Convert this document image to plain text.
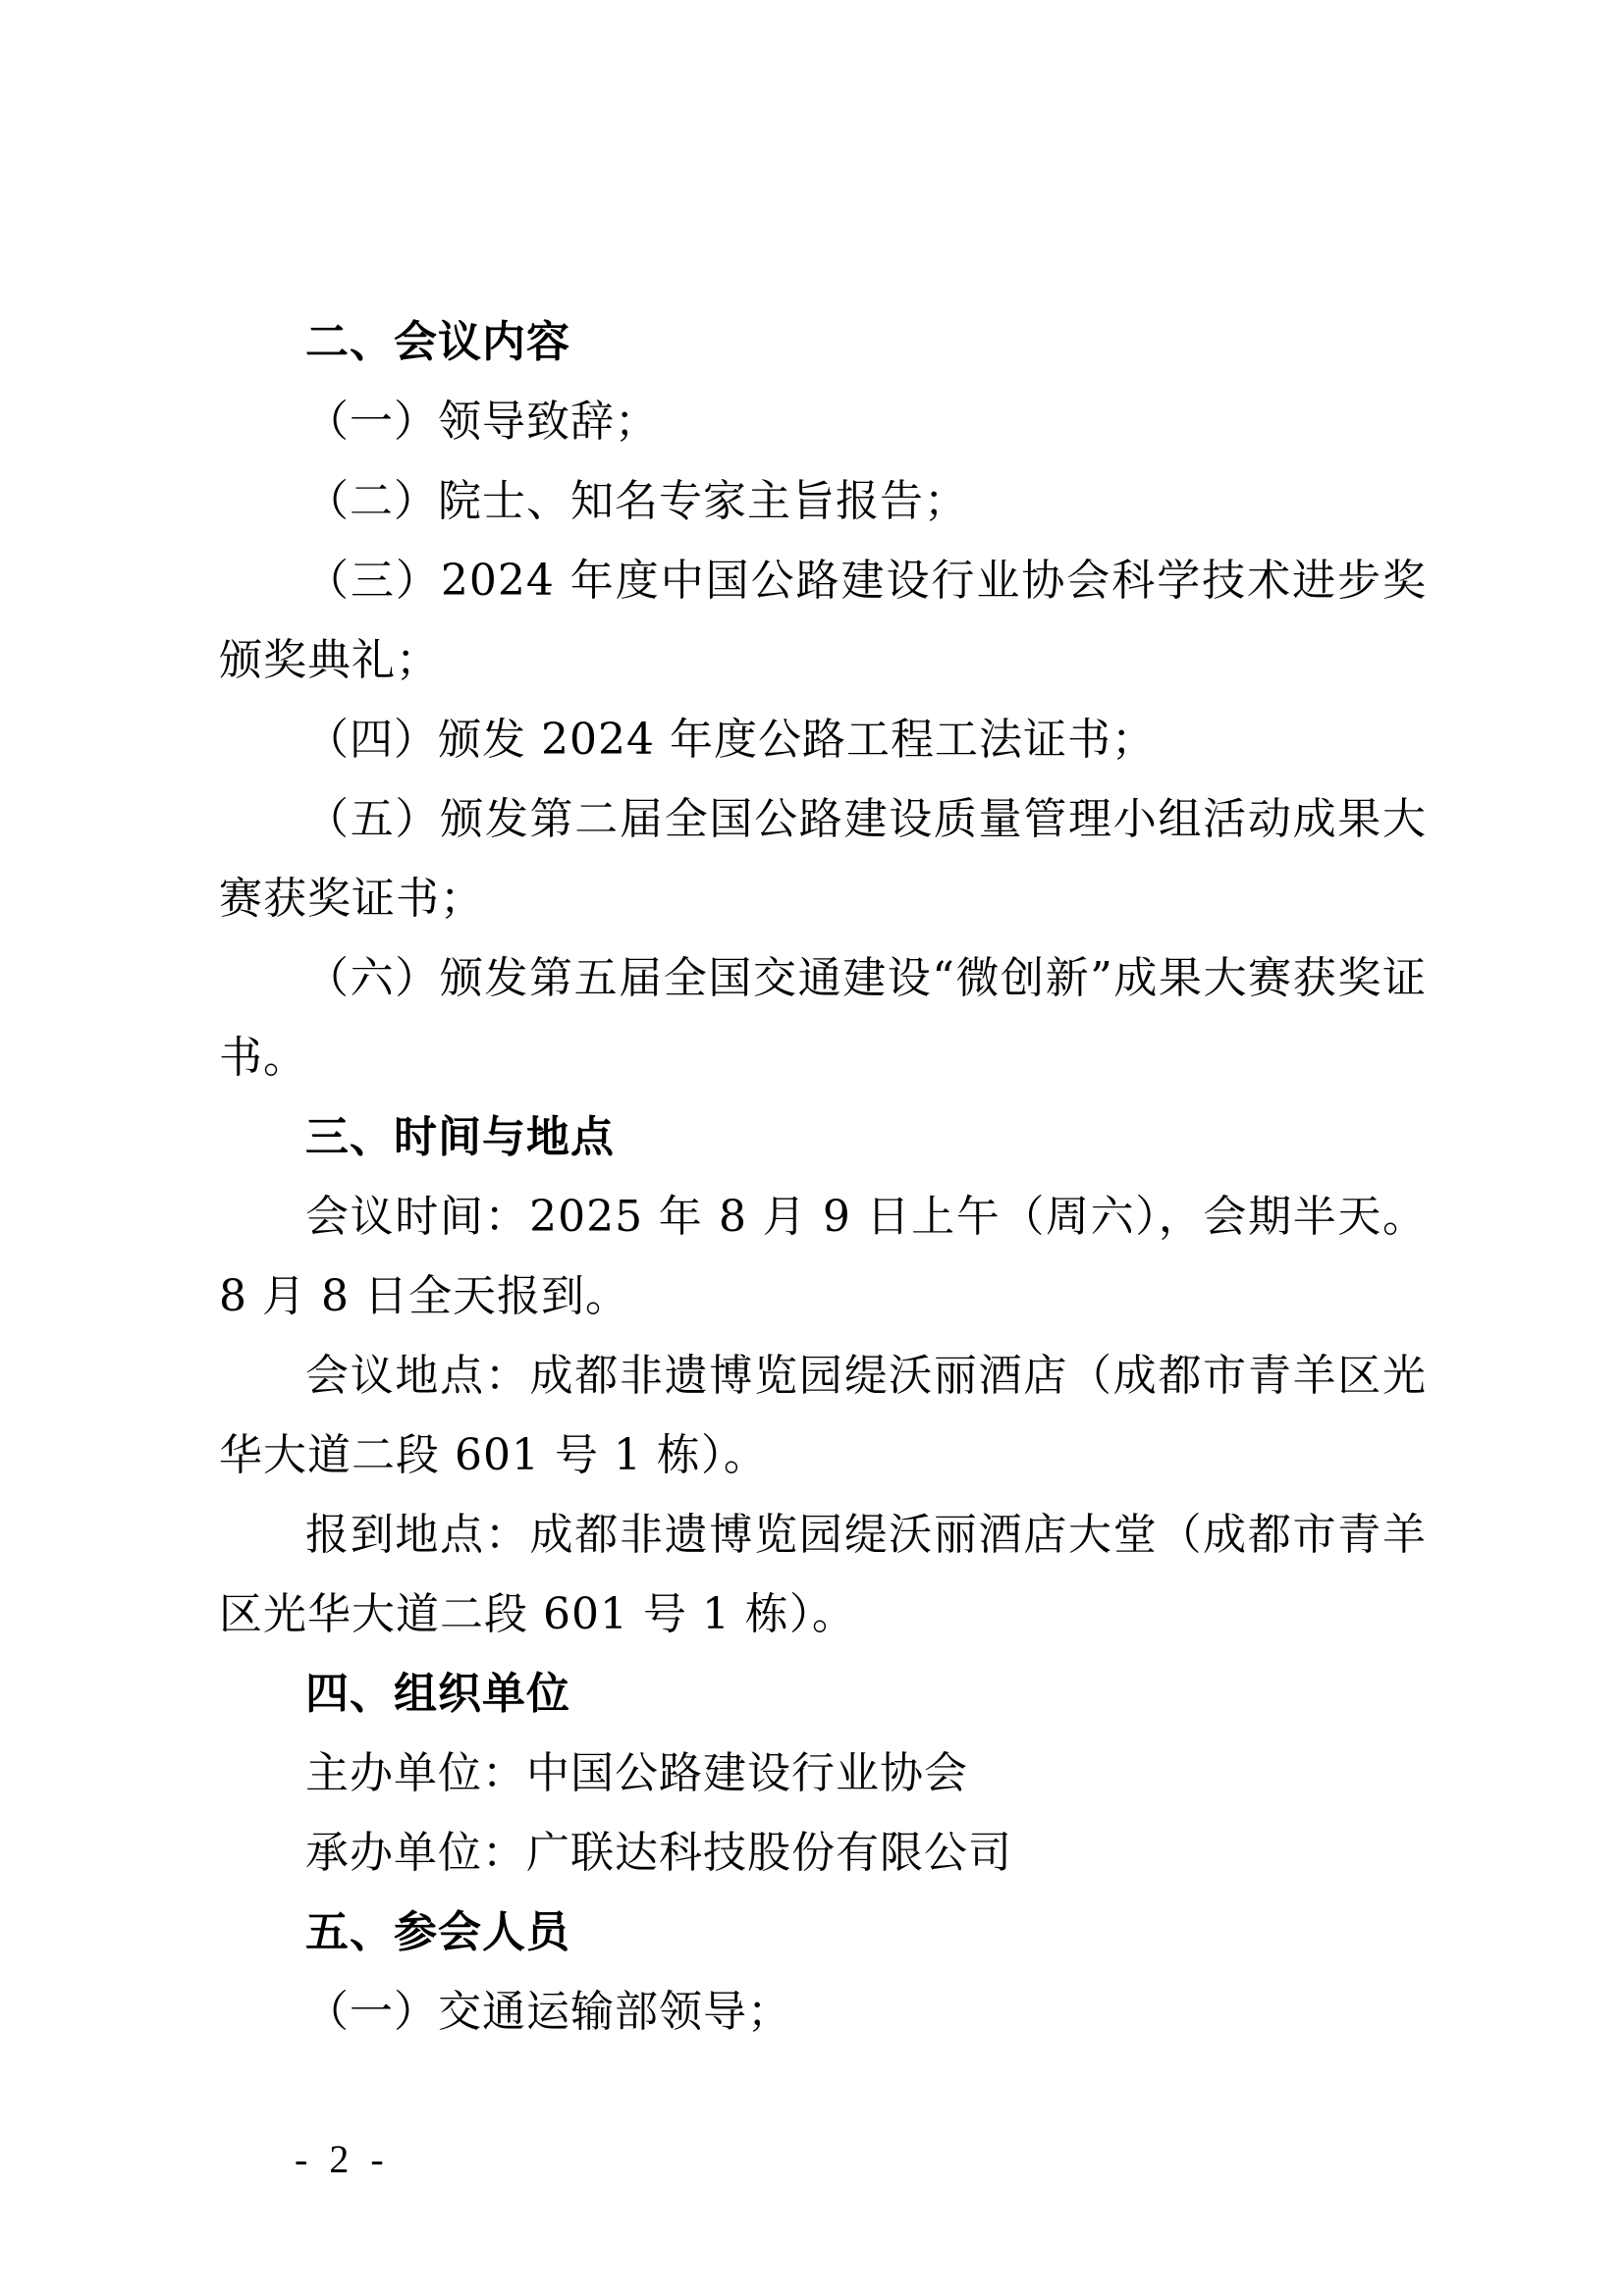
二、会议内容

（一）领导致辞；

（二）院士、知名专家主旨报告；

（三）2024 年度中国公路建设行业协会科学技术进步奖颁奖典礼；

（四）颁发 2024 年度公路工程工法证书；

（五）颁发第二届全国公路建设质量管理小组活动成果大赛获奖证书；

（六）颁发第五届全国交通建设“微创新”成果大赛获奖证书。

三、时间与地点

会议时间：2025 年 8 月 9 日上午（周六），会期半天。8 月 8 日全天报到。

会议地点：成都非遗博览园缇沃丽酒店（成都市青羊区光华大道二段 601 号 1 栋）。

报到地点：成都非遗博览园缇沃丽酒店大堂（成都市青羊区光华大道二段 601 号 1 栋）。

四、组织单位

主办单位：中国公路建设行业协会

承办单位：广联达科技股份有限公司

五、参会人员

（一）交通运输部领导；

- 2 -
